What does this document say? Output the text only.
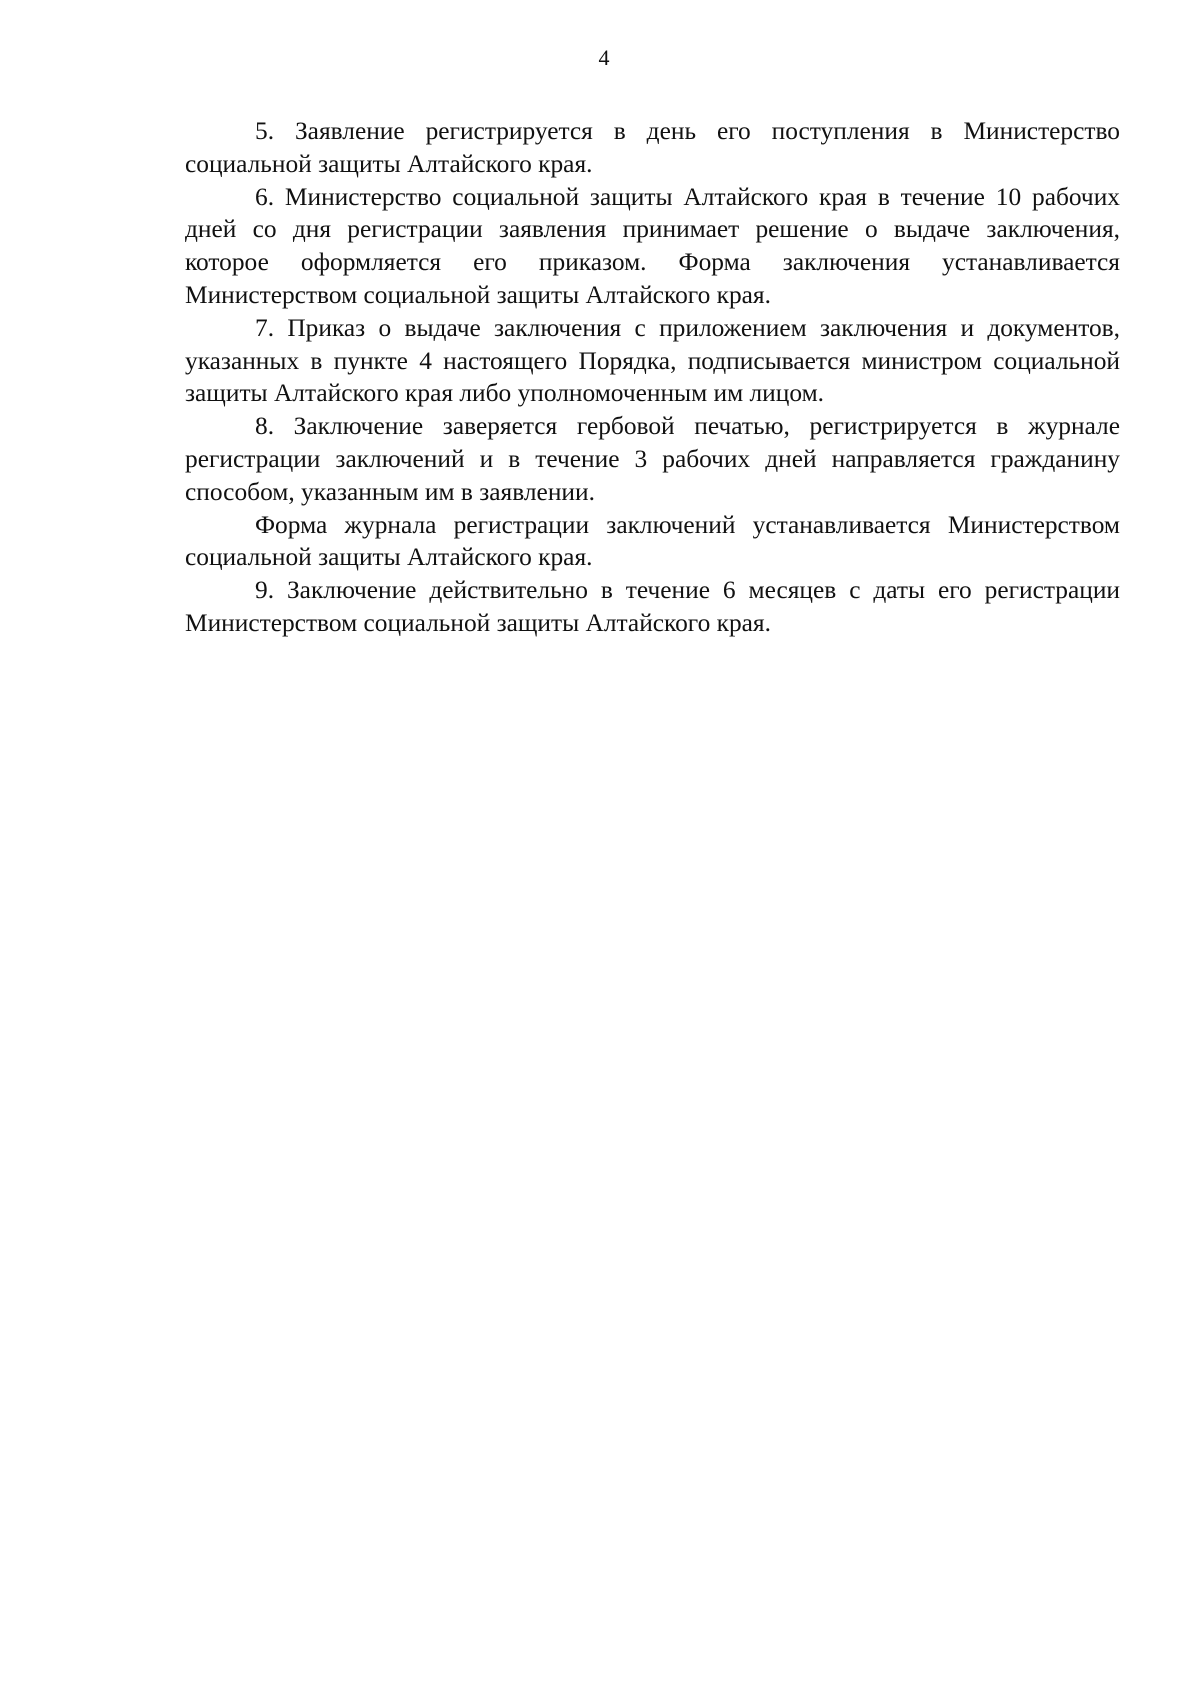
4

5. Заявление регистрируется в день его поступления в Министерство социальной защиты Алтайского края.

6. Министерство социальной защиты Алтайского края в течение 10 рабочих дней со дня регистрации заявления принимает решение о выдаче заключения, которое оформляется его приказом. Форма заключения устанавливается Министерством социальной защиты Алтайского края.

7. Приказ о выдаче заключения с приложением заключения и документов, указанных в пункте 4 настоящего Порядка, подписывается министром социальной защиты Алтайского края либо уполномоченным им лицом.

8. Заключение заверяется гербовой печатью, регистрируется в журнале регистрации заключений и в течение 3 рабочих дней направляется гражданину способом, указанным им в заявлении.

Форма журнала регистрации заключений устанавливается Министерством социальной защиты Алтайского края.

9. Заключение действительно в течение 6 месяцев с даты его регистрации Министерством социальной защиты Алтайского края.
